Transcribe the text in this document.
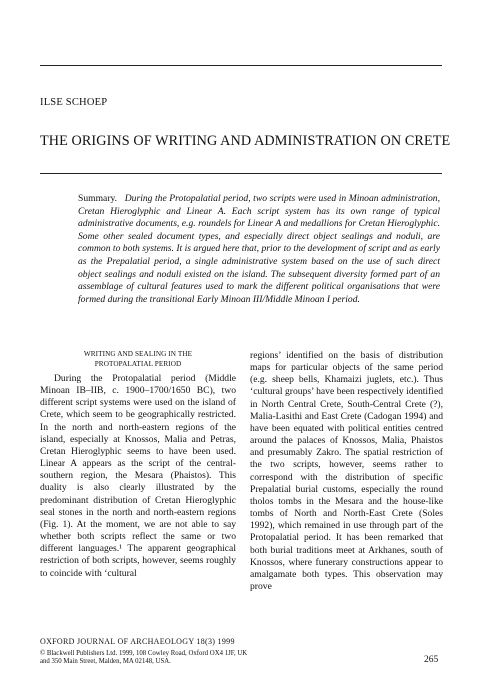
ILSE SCHOEP
THE ORIGINS OF WRITING AND ADMINISTRATION ON CRETE
Summary. During the Protopalatial period, two scripts were used in Minoan administration, Cretan Hieroglyphic and Linear A. Each script system has its own range of typical administrative documents, e.g. roundels for Linear A and medallions for Cretan Hieroglyphic. Some other sealed document types, and especially direct object sealings and noduli, are common to both systems. It is argued here that, prior to the development of script and as early as the Prepalatial period, a single administrative system based on the use of such direct object sealings and noduli existed on the island. The subsequent diversity formed part of an assemblage of cultural features used to mark the different political organisations that were formed during the transitional Early Minoan III/Middle Minoan I period.
WRITING AND SEALING IN THE PROTOPALATIAL PERIOD
During the Protopalatial period (Middle Minoan IB–IIB, c. 1900–1700/1650 BC), two different script systems were used on the island of Crete, which seem to be geographically restricted. In the north and north-eastern regions of the island, especially at Knossos, Malia and Petras, Cretan Hieroglyphic seems to have been used. Linear A appears as the script of the central-southern region, the Mesara (Phaistos). This duality is also clearly illustrated by the predominant distribution of Cretan Hieroglyphic seal stones in the north and north-eastern regions (Fig. 1). At the moment, we are not able to say whether both scripts reflect the same or two different languages.¹ The apparent geographical restriction of both scripts, however, seems roughly to coincide with ‘cultural
regions’ identified on the basis of distribution maps for particular objects of the same period (e.g. sheep bells, Khamaizi juglets, etc.). Thus ‘cultural groups’ have been respectively identified in North Central Crete, South-Central Crete (?), Malia-Lasithi and East Crete (Cadogan 1994) and have been equated with political entities centred around the palaces of Knossos, Malia, Phaistos and presumably Zakro. The spatial restriction of the two scripts, however, seems rather to correspond with the distribution of specific Prepalatial burial customs, especially the round tholos tombs in the Mesara and the house-like tombs of North and North-East Crete (Soles 1992), which remained in use through part of the Protopalatial period. It has been remarked that both burial traditions meet at Arkhanes, south of Knossos, where funerary constructions appear to amalgamate both types. This observation may prove
OXFORD JOURNAL OF ARCHAEOLOGY 18(3) 1999
© Blackwell Publishers Ltd. 1999, 108 Cowley Road, Oxford OX4 1JF, UK
and 350 Main Street, Malden, MA 02148, USA.	265
